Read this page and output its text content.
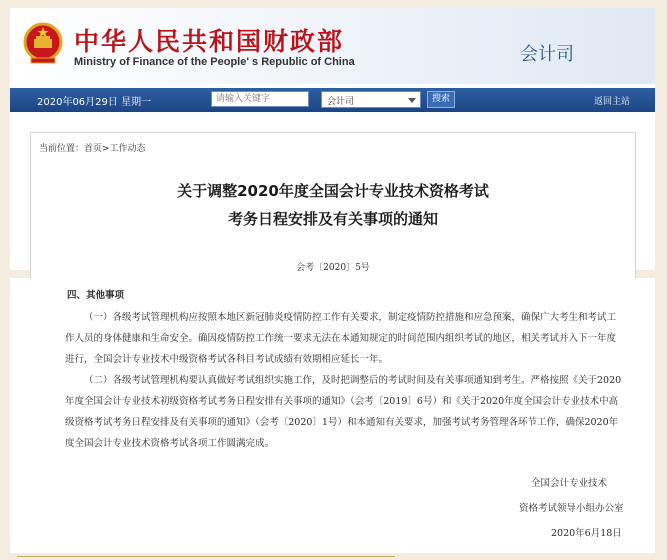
中华人民共和国财政部
Ministry of Finance of the People' s Republic of China	会计司
2020年06月29日 星期一
请输入关键字	会计司	搜索	返回主站
当前位置：首页>工作动态
关于调整2020年度全国会计专业技术资格考试
考务日程安排及有关事项的通知
会考〔2020〕5号
四、其他事项
（一）各级考试管理机构应按照本地区新冠肺炎疫情防控工作有关要求，制定疫情防控措施和应急预案，确保广大考生和考试工作人员的身体健康和生命安全。确因疫情防控工作统一要求无法在本通知规定的时间范围内组织考试的地区，相关考试并入下一年度进行，全国会计专业技术中级资格考试各科目考试成绩有效期相应延长一年。
（二）各级考试管理机构要认真做好考试组织实施工作，及时把调整后的考试时间及有关事项通知到考生。严格按照《关于2020年度全国会计专业技术初级资格考试考务日程安排有关事项的通知》（会考〔2019〕6号）和《关于2020年度全国会计专业技术中高级资格考试考务日程安排及有关事项的通知》（会考〔2020〕1号）和本通知有关要求，加强考试考务管理各环节工作，确保2020年度全国会计专业技术资格考试各项工作圆满完成。
全国会计专业技术
资格考试领导小组办公室
2020年6月18日
